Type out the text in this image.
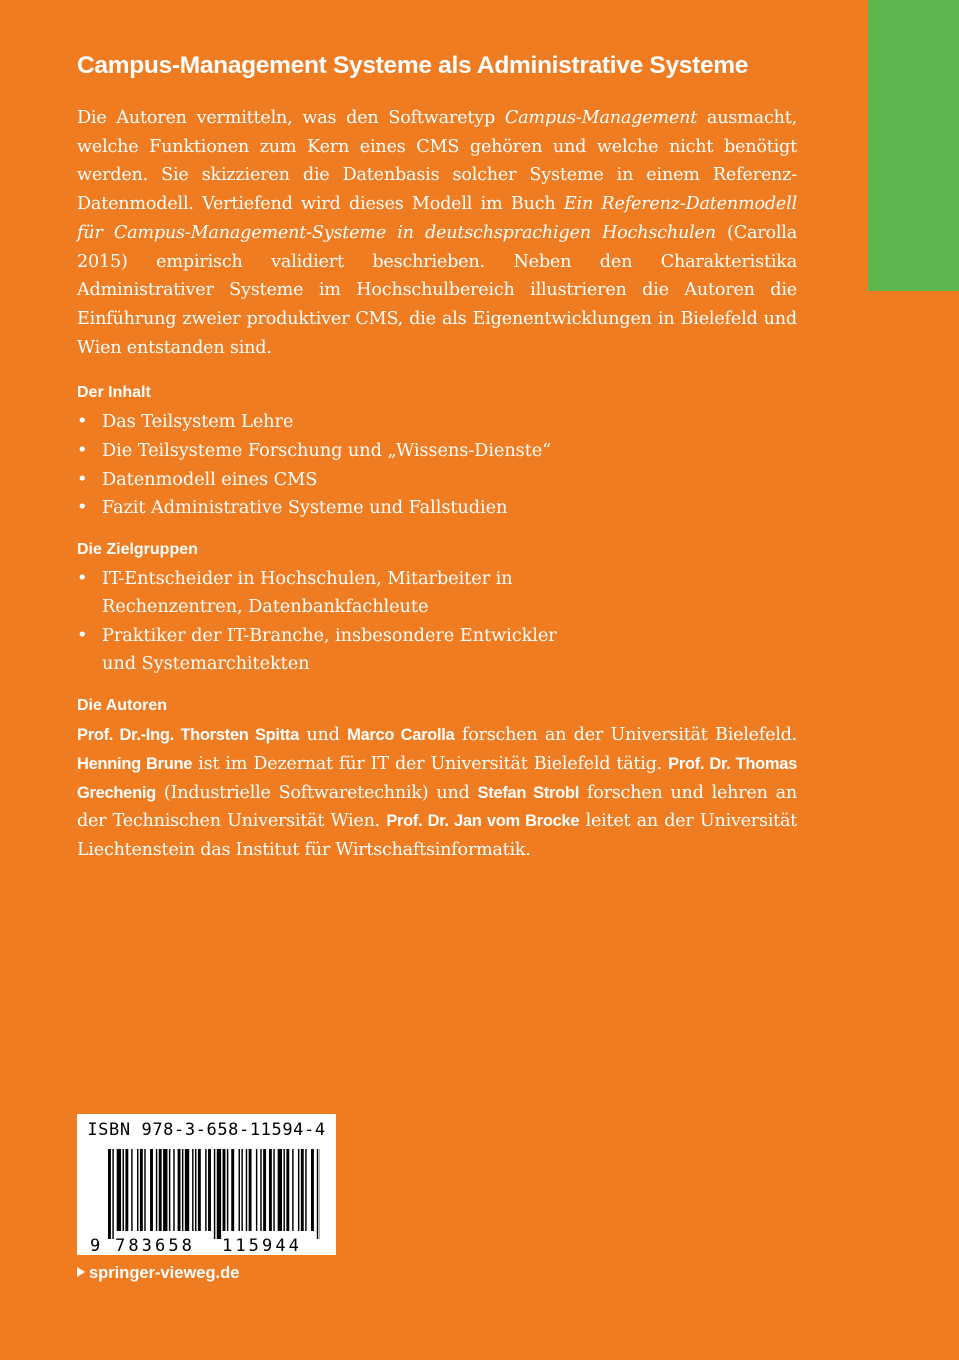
Campus-Management Systeme als Administrative Systeme

Die Autoren vermitteln, was den Softwaretyp Campus-Management ausmacht, welche Funktionen zum Kern eines CMS gehören und welche nicht benötigt werden. Sie skizzieren die Datenbasis solcher Systeme in einem Referenz-Datenmodell. Vertiefend wird dieses Modell im Buch Ein Referenz-Datenmodell für Campus-Management-Systeme in deutschsprachigen Hochschulen (Carolla 2015) empirisch validiert beschrieben. Neben den Charakteristika Administrativer Systeme im Hochschulbereich illustrieren die Autoren die Einführung zweier produktiver CMS, die als Eigenentwicklungen in Bielefeld und Wien entstanden sind.

Der Inhalt
• Das Teilsystem Lehre
• Die Teilsysteme Forschung und „Wissens-Dienste“
• Datenmodell eines CMS
• Fazit Administrative Systeme und Fallstudien
Die Zielgruppen
• IT-Entscheider in Hochschulen, Mitarbeiter in Rechenzentren, Datenbankfachleute
• Praktiker der IT-Branche, insbesondere Entwickler und Systemarchitekten
Die Autoren

Prof. Dr.-Ing. Thorsten Spitta und Marco Carolla forschen an der Universität Bielefeld. Henning Brune ist im Dezernat für IT der Universität Bielefeld tätig. Prof. Dr. Thomas Grechenig (Industrielle Softwaretechnik) und Stefan Strobl forschen und lehren an der Technischen Universität Wien. Prof. Dr. Jan vom Brocke leitet an der Universität Liechtenstein das Institut für Wirtschaftsinformatik.

ISBN 978-3-658-11594-4
9 783658 115944
springer-vieweg.de
